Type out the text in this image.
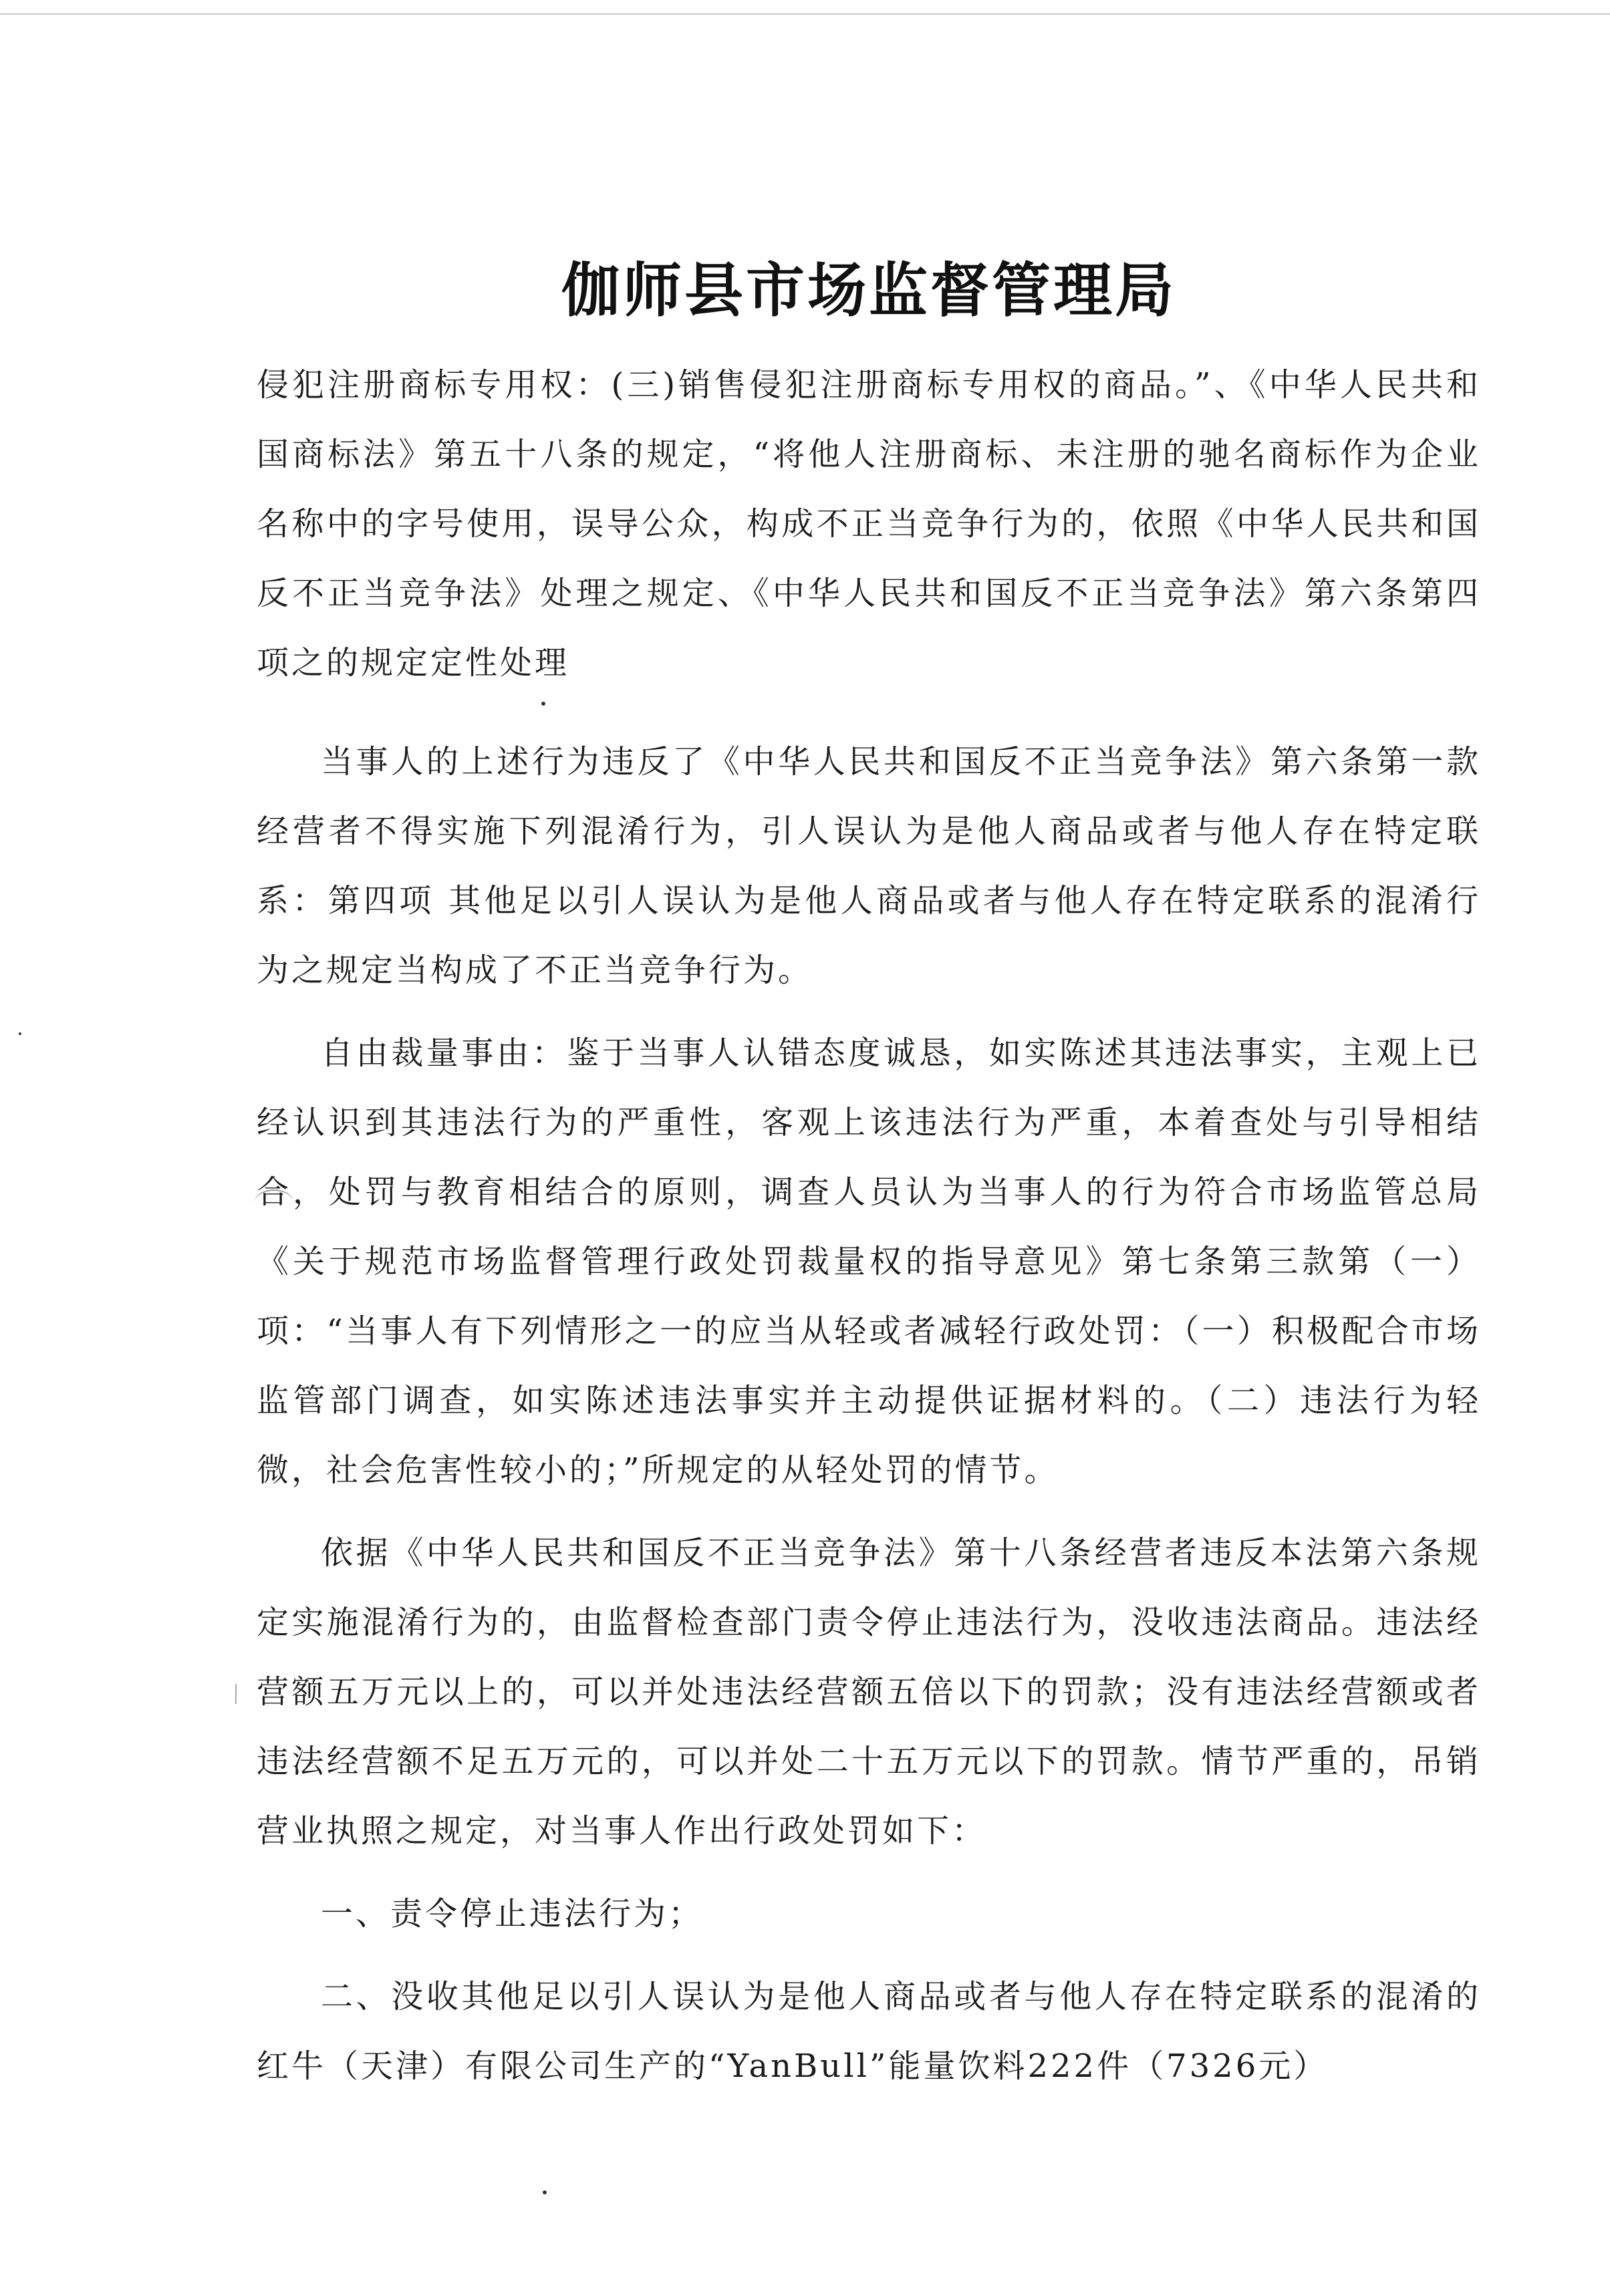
伽师县市场监督管理局

侵犯注册商标专用权：(三)销售侵犯注册商标专用权的商品。”、《中华人民共和国商标法》第五十八条的规定，“将他人注册商标、未注册的驰名商标作为企业名称中的字号使用，误导公众，构成不正当竞争行为的，依照《中华人民共和国反不正当竞争法》处理之规定、《中华人民共和国反不正当竞争法》第六条第四项之的规定定性处理

当事人的上述行为违反了《中华人民共和国反不正当竞争法》第六条第一款经营者不得实施下列混淆行为，引人误认为是他人商品或者与他人存在特定联系：第四项 其他足以引人误认为是他人商品或者与他人存在特定联系的混淆行为之规定当构成了不正当竞争行为。

自由裁量事由：鉴于当事人认错态度诚恳，如实陈述其违法事实，主观上已经认识到其违法行为的严重性，客观上该违法行为严重，本着查处与引导相结合，处罚与教育相结合的原则，调查人员认为当事人的行为符合市场监管总局《关于规范市场监督管理行政处罚裁量权的指导意见》第七条第三款第（一）项：“当事人有下列情形之一的应当从轻或者减轻行政处罚：（一）积极配合市场监管部门调查，如实陈述违法事实并主动提供证据材料的。（二）违法行为轻微，社会危害性较小的；”所规定的从轻处罚的情节。

依据《中华人民共和国反不正当竞争法》第十八条经营者违反本法第六条规定实施混淆行为的，由监督检查部门责令停止违法行为，没收违法商品。违法经营额五万元以上的，可以并处违法经营额五倍以下的罚款；没有违法经营额或者违法经营额不足五万元的，可以并处二十五万元以下的罚款。情节严重的，吊销营业执照之规定，对当事人作出行政处罚如下：

一、责令停止违法行为；

二、没收其他足以引人误认为是他人商品或者与他人存在特定联系的混淆的红牛（天津）有限公司生产的“YanBull”能量饮料222件（7326元）
